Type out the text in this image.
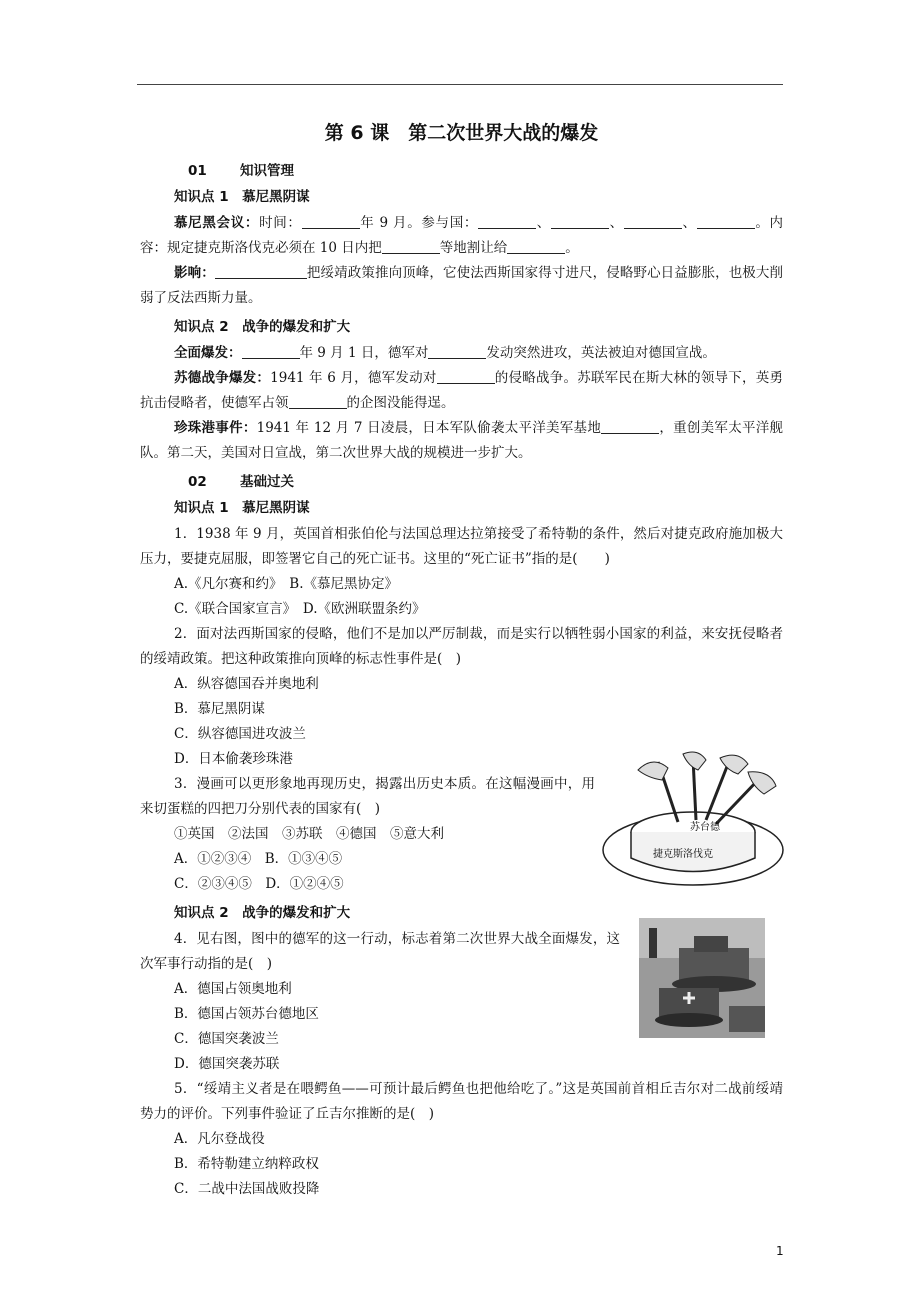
第 6 课　第二次世界大战的爆发
01 知识管理
知识点 1　慕尼黑阴谋

慕尼黑会议：时间：	年 9 月。参与国：	、	、	、	。内容：规定捷克斯洛伐克必须在 10 日内把	等地割让给	。

影响：	把绥靖政策推向顶峰，它使法西斯国家得寸进尺，侵略野心日益膨胀，也极大削弱了反法西斯力量。

知识点 2　战争的爆发和扩大

全面爆发：	年 9 月 1 日，德军对	发动突然进攻，英法被迫对德国宣战。

苏德战争爆发：1941 年 6 月，德军发动对	的侵略战争。苏联军民在斯大林的领导下，英勇抗击侵略者，使德军占领	的企图没能得逞。

珍珠港事件：1941 年 12 月 7 日凌晨，日本军队偷袭太平洋美军基地	，重创美军太平洋舰队。第二天，美国对日宣战，第二次世界大战的规模进一步扩大。

02 基础过关
知识点 1　慕尼黑阴谋

1．1938 年 9 月，英国首相张伯伦与法国总理达拉第接受了希特勒的条件，然后对捷克政府施加极大压力，要捷克屈服，即签署它自己的死亡证书。这里的“死亡证书”指的是(　　)

A.《凡尔赛和约》　B.《慕尼黑协定》
C.《联合国家宣言》　D.《欧洲联盟条约》

2．面对法西斯国家的侵略，他们不是加以严厉制裁，而是实行以牺牲弱小国家的利益，来安抚侵略者的绥靖政策。把这种政策推向顶峰的标志性事件是(　)

A．纵容德国吞并奥地利
B．慕尼黑阴谋
C．纵容德国进攻波兰
D．日本偷袭珍珠港

3．漫画可以更形象地再现历史，揭露出历史本质。在这幅漫画中，用来切蛋糕的四把刀分别代表的国家有(　)

①英国　②法国　③苏联　④德国　⑤意大利
A．①②③④　B．①③④⑤
C．②③④⑤　D．①②④⑤
知识点 2　战争的爆发和扩大

4．见右图，图中的德军的这一行动，标志着第二次世界大战全面爆发，这次军事行动指的是(　)

A．德国占领奥地利
B．德国占领苏台德地区
C．德国突袭波兰
D．德国突袭苏联

5．“绥靖主义者是在喂鳄鱼——可预计最后鳄鱼也把他给吃了。”这是英国前首相丘吉尔对二战前绥靖势力的评价。下列事件验证了丘吉尔推断的是(　)

A．凡尔登战役
B．希特勒建立纳粹政权
C．二战中法国战败投降
苏台德
捷克斯洛伐克
1
